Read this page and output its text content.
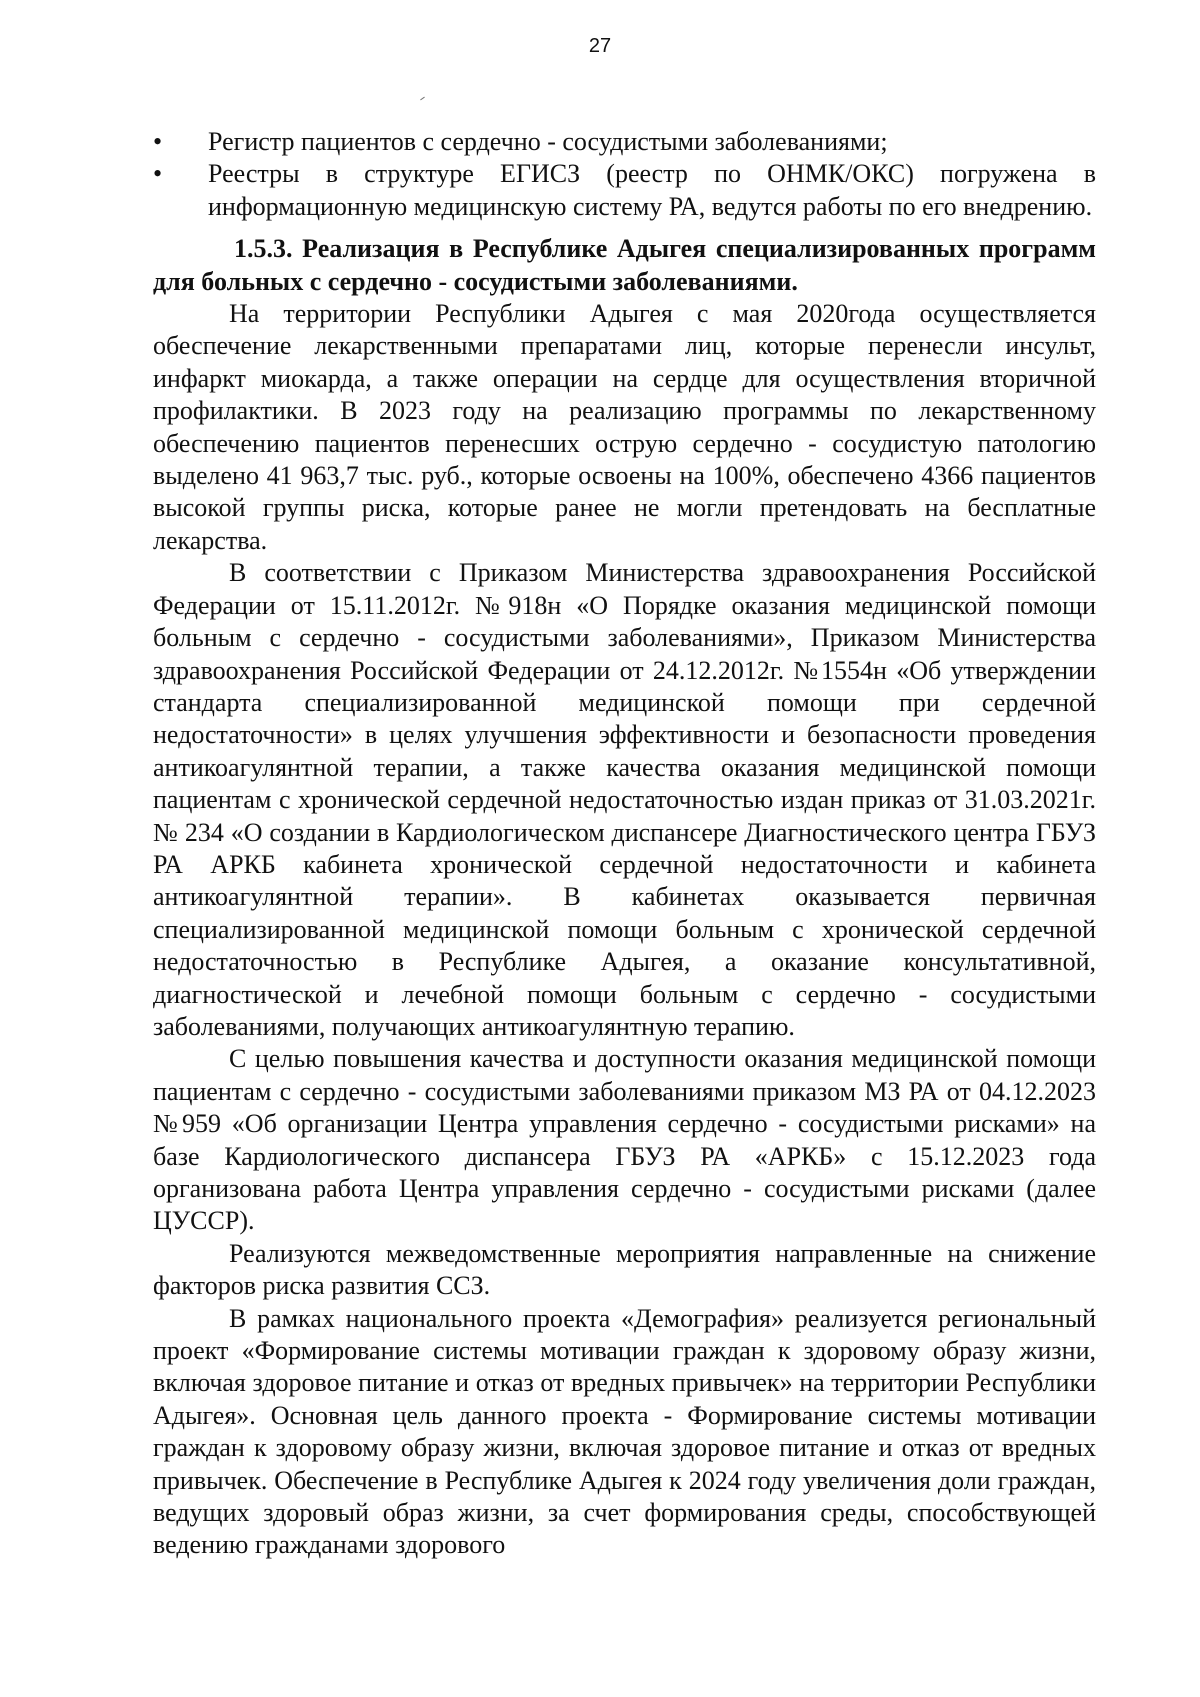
27
• Регистр пациентов с сердечно - сосудистыми заболеваниями;
• Реестры в структуре ЕГИСЗ (реестр по ОНМК/ОКС) погружена в информационную медицинскую систему РА, ведутся работы по его внедрению.

1.5.3. Реализация в Республике Адыгея специализированных программ для больных с сердечно - сосудистыми заболеваниями.

На территории Республики Адыгея с мая 2020года осуществляется обеспечение лекарственными препаратами лиц, которые перенесли инсульт, инфаркт миокарда, а также операции на сердце для осуществления вторичной профилактики. В 2023 году на реализацию программы по лекарственному обеспечению пациентов перенесших острую сердечно - сосудистую патологию выделено 41 963,7 тыс. руб., которые освоены на 100%, обеспечено 4366 пациентов высокой группы риска, которые ранее не могли претендовать на бесплатные лекарства.

В соответствии с Приказом Министерства здравоохранения Российской Федерации от 15.11.2012г. №918н «О Порядке оказания медицинской помощи больным с сердечно - сосудистыми заболеваниями», Приказом Министерства здравоохранения Российской Федерации от 24.12.2012г. №1554н «Об утверждении стандарта специализированной медицинской помощи при сердечной недостаточности» в целях улучшения эффективности и безопасности проведения антикоагулянтной терапии, а также качества оказания медицинской помощи пациентам с хронической сердечной недостаточностью издан приказ от 31.03.2021г. № 234 «О создании в Кардиологическом диспансере Диагностического центра ГБУЗ РА АРКБ кабинета хронической сердечной недостаточности и кабинета антикоагулянтной терапии». В кабинетах оказывается первичная специализированной медицинской помощи больным с хронической сердечной недостаточностью в Республике Адыгея, а оказание консультативной, диагностической и лечебной помощи больным с сердечно - сосудистыми заболеваниями, получающих антикоагулянтную терапию.

С целью повышения качества и доступности оказания медицинской помощи пациентам с сердечно - сосудистыми заболеваниями приказом МЗ РА от 04.12.2023 №959 «Об организации Центра управления сердечно - сосудистыми рисками» на базе Кардиологического диспансера ГБУЗ РА «АРКБ» с 15.12.2023 года организована работа Центра управления сердечно - сосудистыми рисками (далее ЦУССР).

Реализуются межведомственные мероприятия направленные на снижение факторов риска развития ССЗ.

В рамках национального проекта «Демография» реализуется региональный проект «Формирование системы мотивации граждан к здоровому образу жизни, включая здоровое питание и отказ от вредных привычек» на территории Республики Адыгея». Основная цель данного проекта - Формирование системы мотивации граждан к здоровому образу жизни, включая здоровое питание и отказ от вредных привычек. Обеспечение в Республике Адыгея к 2024 году увеличения доли граждан, ведущих здоровый образ жизни, за счет формирования среды, способствующей ведению гражданами здорового
